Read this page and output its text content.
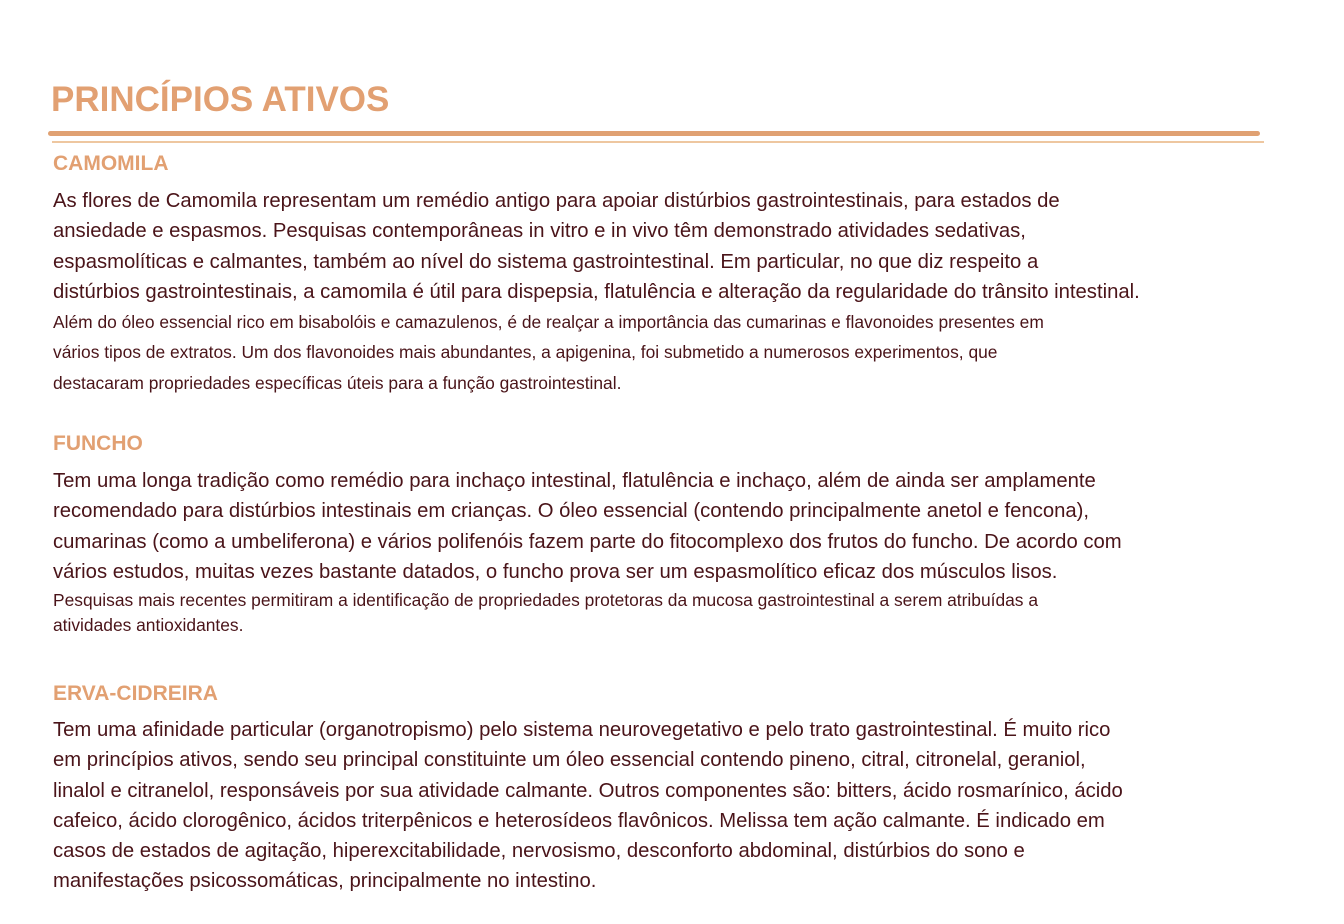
PRINCÍPIOS ATIVOS
CAMOMILA

As flores de Camomila representam um remédio antigo para apoiar distúrbios gastrointestinais, para estados de
ansiedade e espasmos. Pesquisas contemporâneas in vitro e in vivo têm demonstrado atividades sedativas,
espasmolíticas e calmantes, também ao nível do sistema gastrointestinal. Em particular, no que diz respeito a
distúrbios gastrointestinais, a camomila é útil para dispepsia, flatulência e alteração da regularidade do trânsito intestinal.

Além do óleo essencial rico em bisabolóis e camazulenos, é de realçar a importância das cumarinas e flavonoides presentes em
vários tipos de extratos. Um dos flavonoides mais abundantes, a apigenina, foi submetido a numerosos experimentos, que
destacaram propriedades específicas úteis para a função gastrointestinal.

FUNCHO

Tem uma longa tradição como remédio para inchaço intestinal, flatulência e inchaço, além de ainda ser amplamente
recomendado para distúrbios intestinais em crianças. O óleo essencial (contendo principalmente anetol e fencona),
cumarinas (como a umbeliferona) e vários polifenóis fazem parte do fitocomplexo dos frutos do funcho. De acordo com
vários estudos, muitas vezes bastante datados, o funcho prova ser um espasmolítico eficaz dos músculos lisos.

Pesquisas mais recentes permitiram a identificação de propriedades protetoras da mucosa gastrointestinal a serem atribuídas a
atividades antioxidantes.

ERVA-CIDREIRA

Tem uma afinidade particular (organotropismo) pelo sistema neurovegetativo e pelo trato gastrointestinal. É muito rico
em princípios ativos, sendo seu principal constituinte um óleo essencial contendo pineno, citral, citronelal, geraniol,
linalol e citranelol, responsáveis por sua atividade calmante. Outros componentes são: bitters, ácido rosmarínico, ácido
cafeico, ácido clorogênico, ácidos triterpênicos e heterosídeos flavônicos. Melissa tem ação calmante. É indicado em
casos de estados de agitação, hiperexcitabilidade, nervosismo, desconforto abdominal, distúrbios do sono e
manifestações psicossomáticas, principalmente no intestino.
